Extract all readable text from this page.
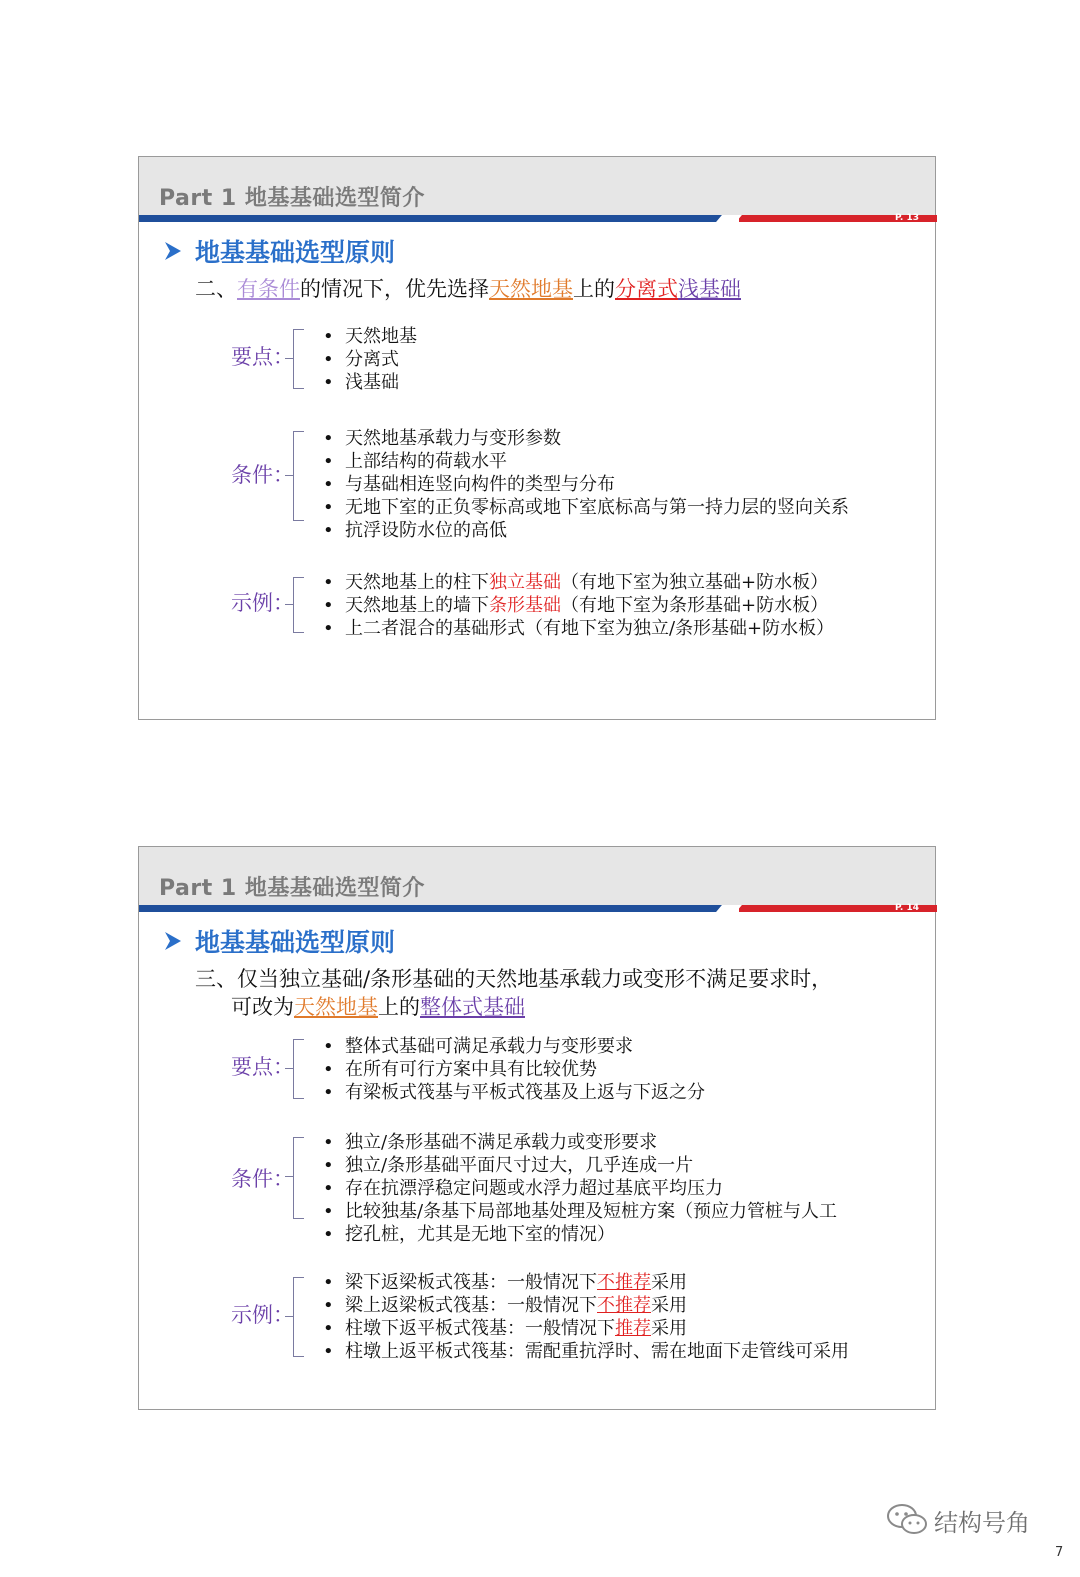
Part 1 地基基础选型简介
P. 13
地基基础选型原则
二、有条件的情况下，优先选择天然地基上的分离式浅基础
要点：
• 天然地基
• 分离式
• 浅基础
条件：
• 天然地基承载力与变形参数
• 上部结构的荷载水平
• 与基础相连竖向构件的类型与分布
• 无地下室的正负零标高或地下室底标高与第一持力层的竖向关系
• 抗浮设防水位的高低
示例：
• 天然地基上的柱下独立基础（有地下室为独立基础+防水板）
• 天然地基上的墙下条形基础（有地下室为条形基础+防水板）
• 上二者混合的基础形式（有地下室为独立/条形基础+防水板）
Part 1 地基基础选型简介
P. 14
地基基础选型原则
三、仅当独立基础/条形基础的天然地基承载力或变形不满足要求时，
可改为天然地基上的整体式基础
要点：
• 整体式基础可满足承载力与变形要求
• 在所有可行方案中具有比较优势
• 有梁板式筏基与平板式筏基及上返与下返之分
条件：
• 独立/条形基础不满足承载力或变形要求
• 独立/条形基础平面尺寸过大，几乎连成一片
• 存在抗漂浮稳定问题或水浮力超过基底平均压力
• 比较独基/条基下局部地基处理及短桩方案（预应力管桩与人工
• 挖孔桩，尤其是无地下室的情况）
示例：
• 梁下返梁板式筏基：一般情况下不推荐采用
• 梁上返梁板式筏基：一般情况下不推荐采用
• 柱墩下返平板式筏基：一般情况下推荐采用
• 柱墩上返平板式筏基：需配重抗浮时、需在地面下走管线可采用
结构号角
7
